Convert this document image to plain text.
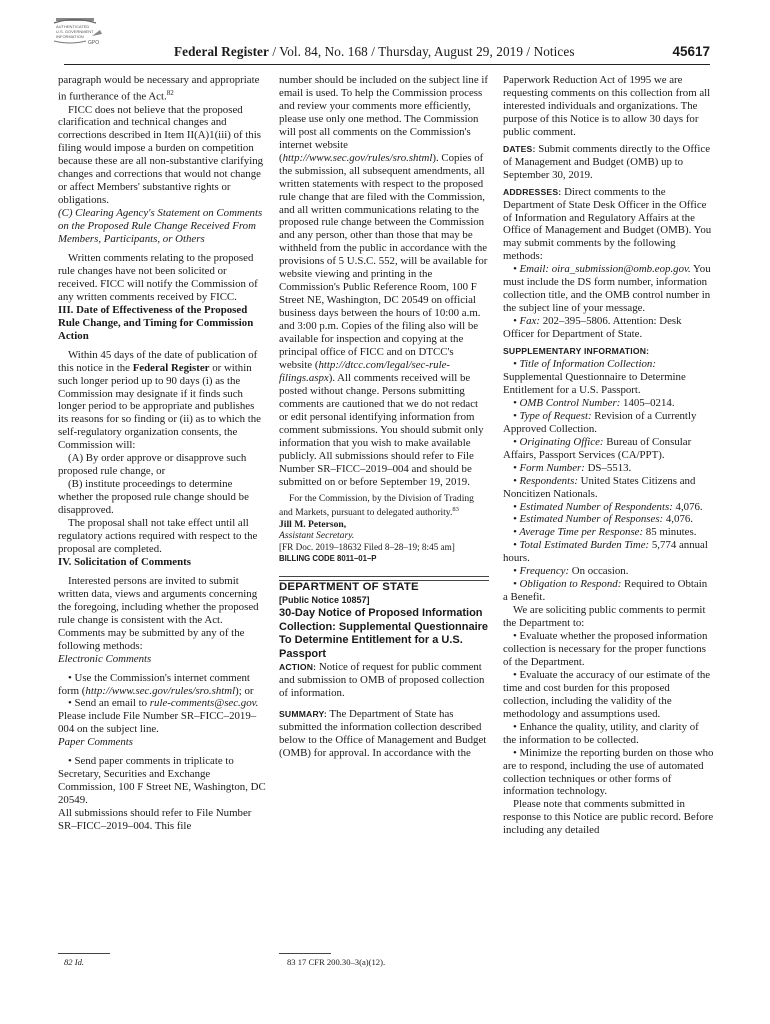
AUTHENTICATED
U.S. GOVERNMENT
INFORMATION
GPO
Federal Register / Vol. 84, No. 168 / Thursday, August 29, 2019 / Notices	45617

paragraph would be necessary and appropriate in furtherance of the Act.$^{82}$

FICC does not believe that the proposed clarification and technical changes and corrections described in Item II(A)1(iii) of this filing would impose a burden on competition because these are all non-substantive clarifying changes and corrections that would not change or affect Members' substantive rights or obligations.

(C) Clearing Agency's Statement on Comments on the Proposed Rule Change Received From Members, Participants, or Others

Written comments relating to the proposed rule changes have not been solicited or received. FICC will notify the Commission of any written comments received by FICC.

III. Date of Effectiveness of the Proposed Rule Change, and Timing for Commission Action

Within 45 days of the date of publication of this notice in the Federal Register or within such longer period up to 90 days (i) as the Commission may designate if it finds such longer period to be appropriate and publishes its reasons for so finding or (ii) as to which the self-regulatory organization consents, the Commission will:

(A) By order approve or disapprove such proposed rule change, or

(B) institute proceedings to determine whether the proposed rule change should be disapproved.

The proposal shall not take effect until all regulatory actions required with respect to the proposal are completed.

IV. Solicitation of Comments

Interested persons are invited to submit written data, views and arguments concerning the foregoing, including whether the proposed rule change is consistent with the Act. Comments may be submitted by any of the following methods:

Electronic Comments

• Use the Commission's internet comment form (http://www.sec.gov/rules/sro.shtml); or

• Send an email to rule-comments@sec.gov. Please include File Number SR–FICC–2019–004 on the subject line.

Paper Comments

• Send paper comments in triplicate to Secretary, Securities and Exchange Commission, 100 F Street NE, Washington, DC 20549.

All submissions should refer to File Number SR–FICC–2019–004. This file

82 Id.

number should be included on the subject line if email is used. To help the Commission process and review your comments more efficiently, please use only one method. The Commission will post all comments on the Commission's internet website (http://www.sec.gov/rules/sro.shtml). Copies of the submission, all subsequent amendments, all written statements with respect to the proposed rule change that are filed with the Commission, and all written communications relating to the proposed rule change between the Commission and any person, other than those that may be withheld from the public in accordance with the provisions of 5 U.S.C. 552, will be available for website viewing and printing in the Commission's Public Reference Room, 100 F Street NE, Washington, DC 20549 on official business days between the hours of 10:00 a.m. and 3:00 p.m. Copies of the filing also will be available for inspection and copying at the principal office of FICC and on DTCC's website (http://dtcc.com/legal/sec-rule-filings.aspx). All comments received will be posted without change. Persons submitting comments are cautioned that we do not redact or edit personal identifying information from comment submissions. You should submit only information that you wish to make available publicly. All submissions should refer to File Number SR–FICC–2019–004 and should be submitted on or before September 19, 2019.

For the Commission, by the Division of Trading and Markets, pursuant to delegated authority.$^{83}$

Jill M. Peterson,

Assistant Secretary.

[FR Doc. 2019–18632 Filed 8–28–19; 8:45 am]

BILLING CODE 8011–01–P

DEPARTMENT OF STATE

[Public Notice 10857]

30-Day Notice of Proposed Information Collection: Supplemental Questionnaire To Determine Entitlement for a U.S. Passport

ACTION: Notice of request for public comment and submission to OMB of proposed collection of information.

SUMMARY: The Department of State has submitted the information collection described below to the Office of Management and Budget (OMB) for approval. In accordance with the

83 17 CFR 200.30–3(a)(12).

Paperwork Reduction Act of 1995 we are requesting comments on this collection from all interested individuals and organizations. The purpose of this Notice is to allow 30 days for public comment.

DATES: Submit comments directly to the Office of Management and Budget (OMB) up to September 30, 2019.

ADDRESSES: Direct comments to the Department of State Desk Officer in the Office of Information and Regulatory Affairs at the Office of Management and Budget (OMB). You may submit comments by the following methods:

• Email: oira_submission@omb.eop.gov. You must include the DS form number, information collection title, and the OMB control number in the subject line of your message.

• Fax: 202–395–5806. Attention: Desk Officer for Department of State.

SUPPLEMENTARY INFORMATION:

• Title of Information Collection: Supplemental Questionnaire to Determine Entitlement for a U.S. Passport.

• OMB Control Number: 1405–0214.

• Type of Request: Revision of a Currently Approved Collection.

• Originating Office: Bureau of Consular Affairs, Passport Services (CA/PPT).

• Form Number: DS–5513.

• Respondents: United States Citizens and Noncitizen Nationals.

• Estimated Number of Respondents: 4,076.

• Estimated Number of Responses: 4,076.

• Average Time per Response: 85 minutes.

• Total Estimated Burden Time: 5,774 annual hours.

• Frequency: On occasion.

• Obligation to Respond: Required to Obtain a Benefit.

We are soliciting public comments to permit the Department to:

• Evaluate whether the proposed information collection is necessary for the proper functions of the Department.

• Evaluate the accuracy of our estimate of the time and cost burden for this proposed collection, including the validity of the methodology and assumptions used.

• Enhance the quality, utility, and clarity of the information to be collected.

• Minimize the reporting burden on those who are to respond, including the use of automated collection techniques or other forms of information technology.

Please note that comments submitted in response to this Notice are public record. Before including any detailed
